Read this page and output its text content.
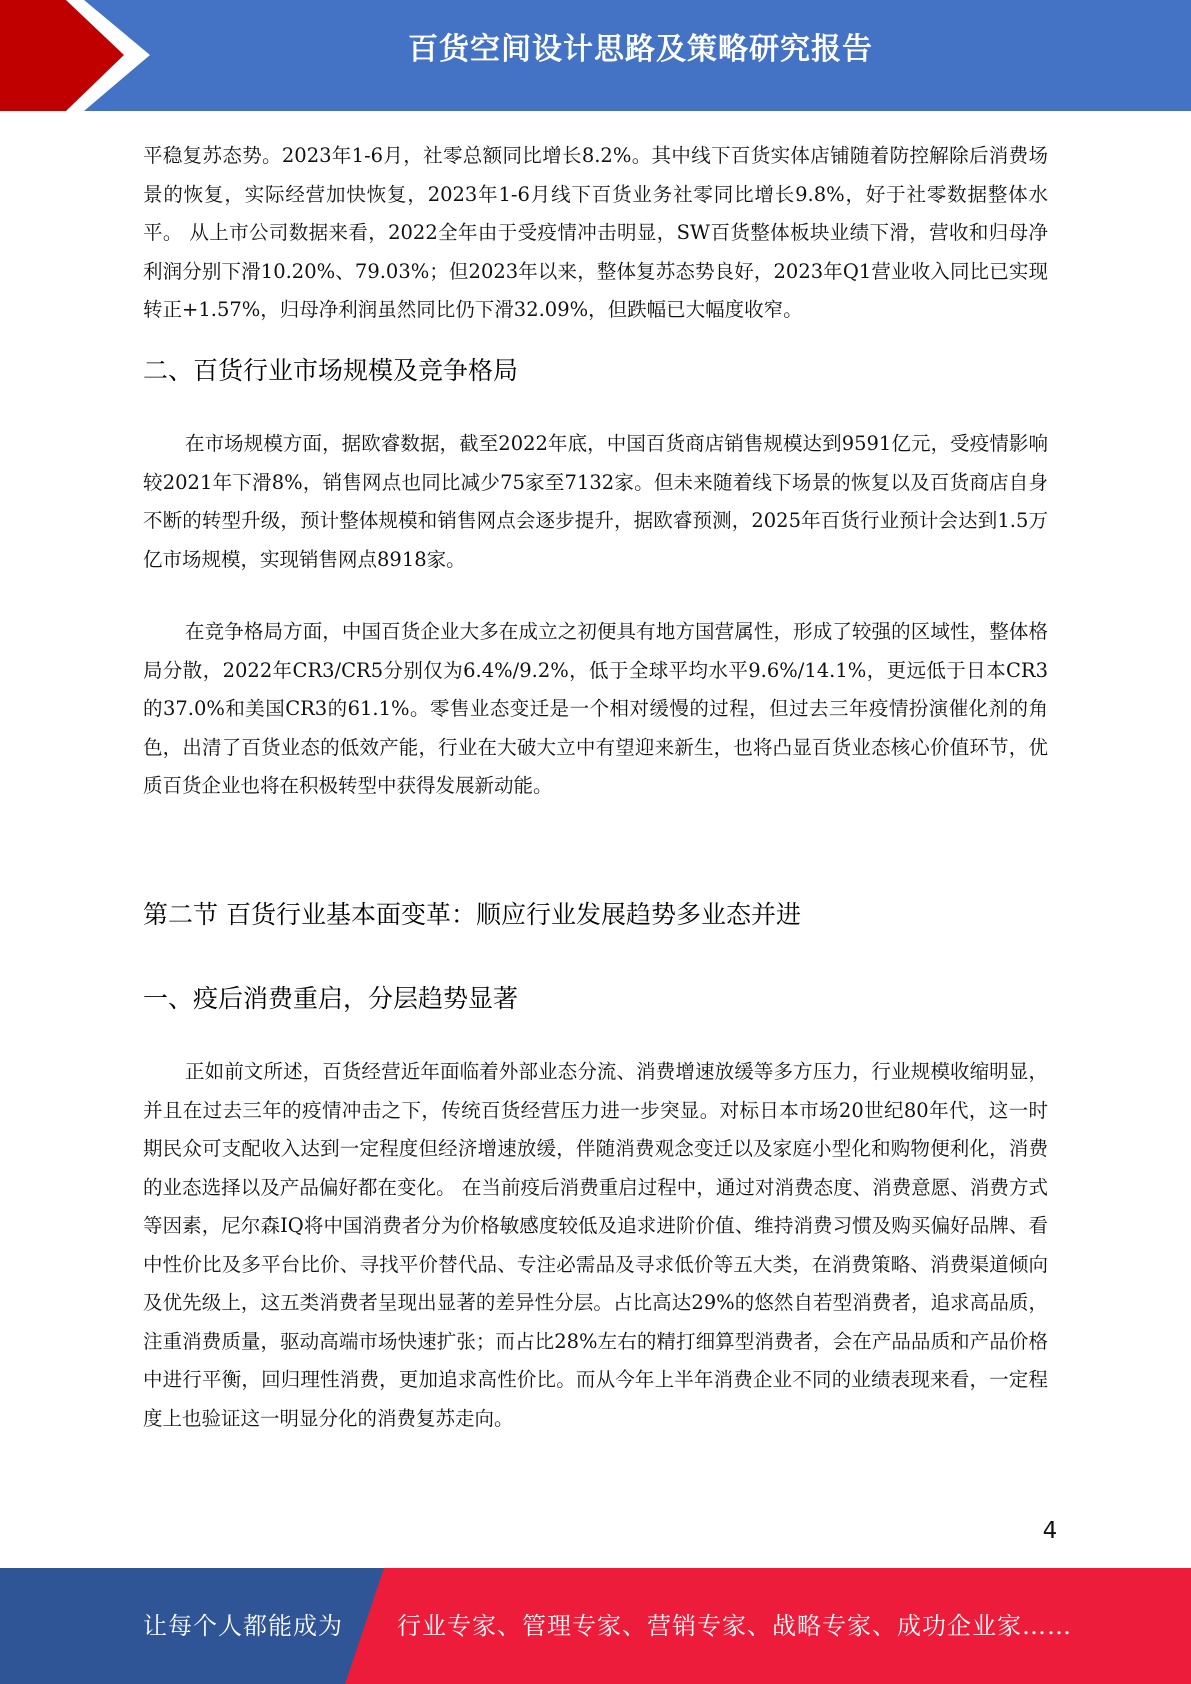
百货空间设计思路及策略研究报告

平稳复苏态势。2023年1-6月，社零总额同比增长8.2%。其中线下百货实体店铺随着防控解除后消费场景的恢复，实际经营加快恢复，2023年1-6月线下百货业务社零同比增长9.8%，好于社零数据整体水平。 从上市公司数据来看，2022全年由于受疫情冲击明显，SW百货整体板块业绩下滑，营收和归母净利润分别下滑10.20%、79.03%；但2023年以来，整体复苏态势良好，2023年Q1营业收入同比已实现转正+1.57%，归母净利润虽然同比仍下滑32.09%，但跌幅已大幅度收窄。

二、百货行业市场规模及竞争格局

在市场规模方面，据欧睿数据，截至2022年底，中国百货商店销售规模达到9591亿元，受疫情影响较2021年下滑8%，销售网点也同比减少75家至7132家。但未来随着线下场景的恢复以及百货商店自身不断的转型升级，预计整体规模和销售网点会逐步提升，据欧睿预测，2025年百货行业预计会达到1.5万亿市场规模，实现销售网点8918家。

在竞争格局方面，中国百货企业大多在成立之初便具有地方国营属性，形成了较强的区域性，整体格局分散，2022年CR3/CR5分别仅为6.4%/9.2%，低于全球平均水平9.6%/14.1%，更远低于日本CR3的37.0%和美国CR3的61.1%。零售业态变迁是一个相对缓慢的过程，但过去三年疫情扮演催化剂的角色，出清了百货业态的低效产能，行业在大破大立中有望迎来新生，也将凸显百货业态核心价值环节，优质百货企业也将在积极转型中获得发展新动能。

第二节 百货行业基本面变革：顺应行业发展趋势多业态并进
一、疫后消费重启，分层趋势显著

正如前文所述，百货经营近年面临着外部业态分流、消费增速放缓等多方压力，行业规模收缩明显，并且在过去三年的疫情冲击之下，传统百货经营压力进一步突显。对标日本市场20世纪80年代，这一时期民众可支配收入达到一定程度但经济增速放缓，伴随消费观念变迁以及家庭小型化和购物便利化，消费的业态选择以及产品偏好都在变化。 在当前疫后消费重启过程中，通过对消费态度、消费意愿、消费方式等因素，尼尔森IQ将中国消费者分为价格敏感度较低及追求进阶价值、维持消费习惯及购买偏好品牌、看中性价比及多平台比价、寻找平价替代品、专注必需品及寻求低价等五大类，在消费策略、消费渠道倾向及优先级上，这五类消费者呈现出显著的差异性分层。占比高达29%的悠然自若型消费者，追求高品质，注重消费质量，驱动高端市场快速扩张；而占比28%左右的精打细算型消费者，会在产品品质和产品价格中进行平衡，回归理性消费，更加追求高性价比。而从今年上半年消费企业不同的业绩表现来看，一定程度上也验证这一明显分化的消费复苏走向。

4
让每个人都能成为 行业专家、管理专家、营销专家、战略专家、成功企业家……
